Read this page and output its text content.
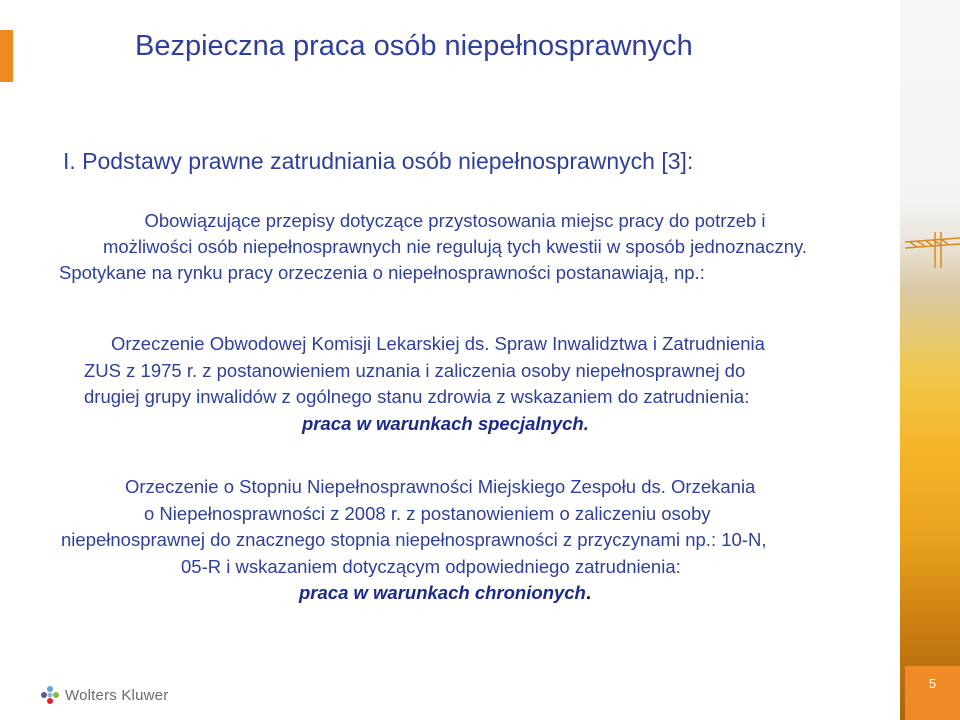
Bezpieczna praca osób niepełnosprawnych
I. Podstawy prawne zatrudniania osób niepełnosprawnych [3]:
Obowiązujące przepisy dotyczące przystosowania miejsc pracy do potrzeb i
możliwości osób niepełnosprawnych nie regulują tych kwestii w sposób jednoznaczny.
Spotykane na rynku pracy orzeczenia o niepełnosprawności postanawiają, np.:
Orzeczenie Obwodowej Komisji Lekarskiej ds. Spraw Inwalidztwa i Zatrudnienia
ZUS z 1975 r. z postanowieniem uznania i zaliczenia osoby niepełnosprawnej do
drugiej grupy inwalidów z ogólnego stanu zdrowia z wskazaniem do zatrudnienia:
praca w warunkach specjalnych.
Orzeczenie o Stopniu Niepełnosprawności Miejskiego Zespołu ds. Orzekania
o Niepełnosprawności z 2008 r. z postanowieniem o zaliczeniu osoby
niepełnosprawnej do znacznego stopnia niepełnosprawności z przyczynami np.: 10-N,
05-R i wskazaniem dotyczącym odpowiedniego zatrudnienia:
praca w warunkach chronionych.
5
Wolters Kluwer
